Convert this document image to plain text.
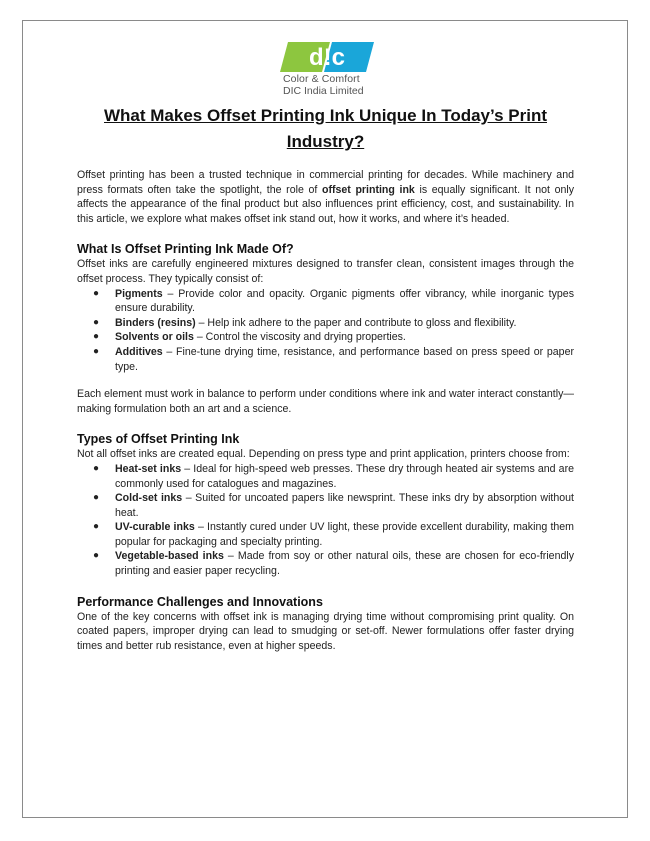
d!c
Color & Comfort
DIC India Limited
What Makes Offset Printing Ink Unique In Today’s Print Industry?

Offset printing has been a trusted technique in commercial printing for decades. While machinery and press formats often take the spotlight, the role of offset printing ink is equally significant. It not only affects the appearance of the final product but also influences print efficiency, cost, and sustainability. In this article, we explore what makes offset ink stand out, how it works, and where it’s headed.

What Is Offset Printing Ink Made Of?

Offset inks are carefully engineered mixtures designed to transfer clean, consistent images through the offset process. They typically consist of:

● Pigments – Provide color and opacity. Organic pigments offer vibrancy, while inorganic types ensure durability.
● Binders (resins) – Help ink adhere to the paper and contribute to gloss and flexibility.
● Solvents or oils – Control the viscosity and drying properties.
● Additives – Fine-tune drying time, resistance, and performance based on press speed or paper type.

Each element must work in balance to perform under conditions where ink and water interact constantly—making formulation both an art and a science.

Types of Offset Printing Ink

Not all offset inks are created equal. Depending on press type and print application, printers choose from:

● Heat-set inks – Ideal for high-speed web presses. These dry through heated air systems and are commonly used for catalogues and magazines.
● Cold-set inks – Suited for uncoated papers like newsprint. These inks dry by absorption without heat.
● UV-curable inks – Instantly cured under UV light, these provide excellent durability, making them popular for packaging and specialty printing.
● Vegetable-based inks – Made from soy or other natural oils, these are chosen for eco-friendly printing and easier paper recycling.
Performance Challenges and Innovations

One of the key concerns with offset ink is managing drying time without compromising print quality. On coated papers, improper drying can lead to smudging or set-off. Newer formulations offer faster drying times and better rub resistance, even at higher speeds.
